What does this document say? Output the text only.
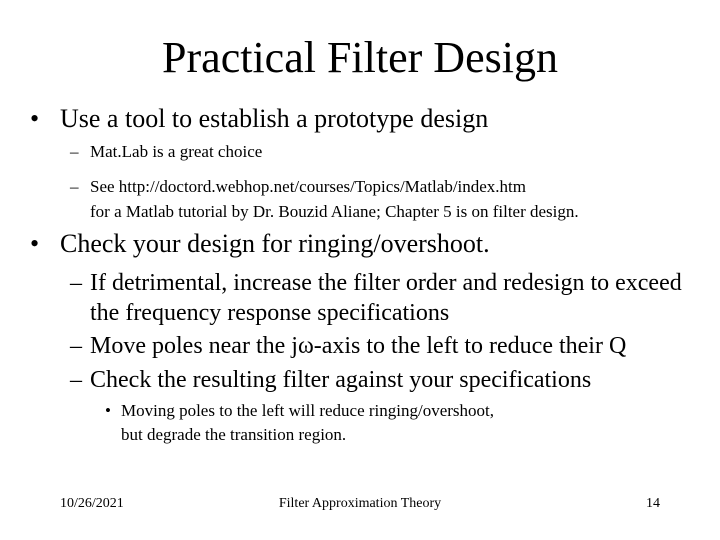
Practical Filter Design
• Use a tool to establish a prototype design
– Mat.Lab is a great choice
– See http://doctord.webhop.net/courses/Topics/Matlab/index.htm
for a Matlab tutorial by Dr. Bouzid Aliane; Chapter 5 is on filter design.
• Check your design for ringing/overshoot.
– If detrimental, increase the filter order and redesign to exceed
the frequency response specifications
– Move poles near the jω-axis to the left to reduce their Q
– Check the resulting filter against your specifications
• Moving poles to the left will reduce ringing/overshoot,
but degrade the transition region.
10/26/2021	Filter Approximation Theory	14
